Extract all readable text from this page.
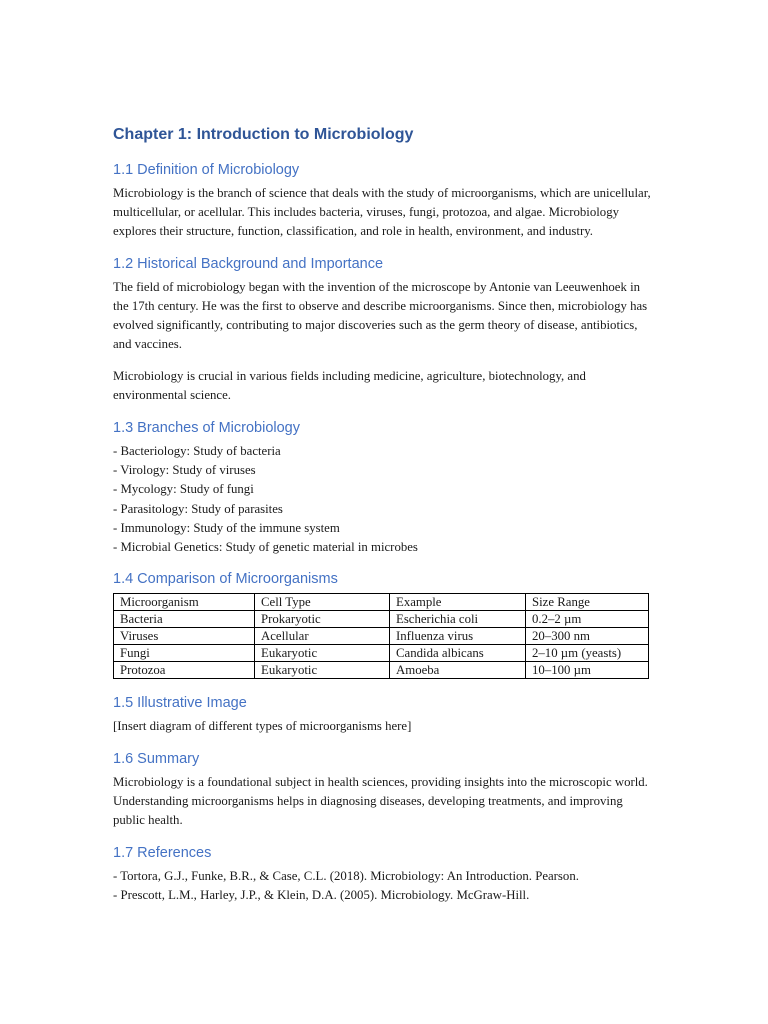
Chapter 1: Introduction to Microbiology
1.1 Definition of Microbiology

Microbiology is the branch of science that deals with the study of microorganisms, which are unicellular, multicellular, or acellular. This includes bacteria, viruses, fungi, protozoa, and algae. Microbiology explores their structure, function, classification, and role in health, environment, and industry.

1.2 Historical Background and Importance

The field of microbiology began with the invention of the microscope by Antonie van Leeuwenhoek in the 17th century. He was the first to observe and describe microorganisms. Since then, microbiology has evolved significantly, contributing to major discoveries such as the germ theory of disease, antibiotics, and vaccines.

Microbiology is crucial in various fields including medicine, agriculture, biotechnology, and environmental science.

1.3 Branches of Microbiology
- Bacteriology: Study of bacteria
- Virology: Study of viruses
- Mycology: Study of fungi
- Parasitology: Study of parasites
- Immunology: Study of the immune system
- Microbial Genetics: Study of genetic material in microbes
1.4 Comparison of Microorganisms
Microorganism	Cell Type	Example	Size Range
Bacteria	Prokaryotic	Escherichia coli	0.2–2 µm
Viruses	Acellular	Influenza virus	20–300 nm
Fungi	Eukaryotic	Candida albicans	2–10 µm (yeasts)
Protozoa	Eukaryotic	Amoeba	10–100 µm
1.5 Illustrative Image

[Insert diagram of different types of microorganisms here]

1.6 Summary

Microbiology is a foundational subject in health sciences, providing insights into the microscopic world. Understanding microorganisms helps in diagnosing diseases, developing treatments, and improving public health.

1.7 References
- Tortora, G.J., Funke, B.R., & Case, C.L. (2018). Microbiology: An Introduction. Pearson.
- Prescott, L.M., Harley, J.P., & Klein, D.A. (2005). Microbiology. McGraw-Hill.
